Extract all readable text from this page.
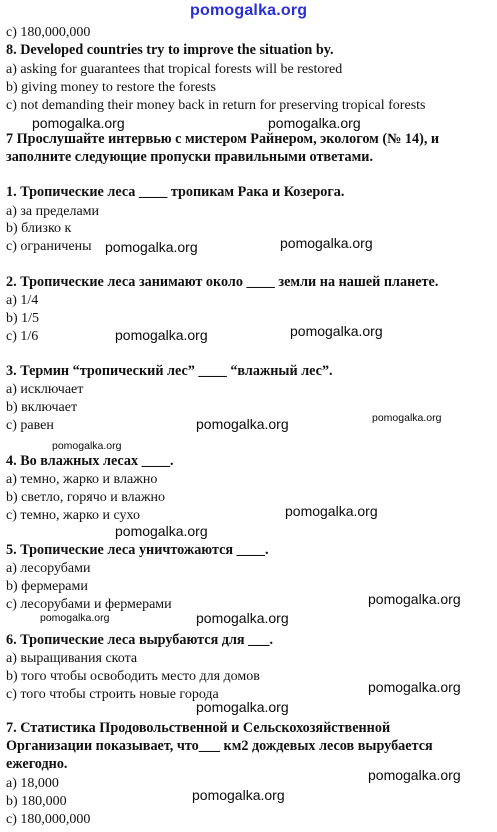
pomogalka.org
c) 180,000,000
8. Developed countries try to improve the situation by.
a) asking for guarantees that tropical forests will be restored
b) giving money to restore the forests
c) not demanding their money back in return for preserving tropical forests
pomogalka.org	pomogalka.org
7 Прослушайте интервью с мистером Райнером, экологом (№ 14), и
заполните следующие пропуски правильными ответами.
1. Тропические леса ____ тропикам Рака и Козерога.
a) за пределами
b) близко к
c) ограничены pomogalka.org	pomogalka.org
2. Тропические леса занимают около ____ земли на нашей планете.
a) 1/4
b) 1/5
c) 1/6	pomogalka.org	pomogalka.org
3. Термин “тропический лес” ____ “влажный лес”.
a) исключает
b) включает
c) равен	pomogalka.org	pomogalka.org
pomogalka.org
4. Во влажных лесах ____.
a) темно, жарко и влажно
b) светло, горячо и влажно
c) темно, жарко и сухо	pomogalka.org
pomogalka.org
5. Тропические леса уничтожаются ____.
a) лесорубами
b) фермерами
c) лесорубами и фермерами	pomogalka.org
pomogalka.org	pomogalka.org
6. Тропические леса вырубаются для ___.
a) выращивания скота
b) того чтобы освободить место для домов
c) того чтобы строить новые города	pomogalka.org
pomogalka.org
7. Статистика Продовольственной и Сельскохозяйственной
Организации показывает, что___ км2 дождевых лесов вырубается
ежегодно.
a) 18,000
b) 180,000
c) 180,000,000
pomogalka.org
pomogalka.org
